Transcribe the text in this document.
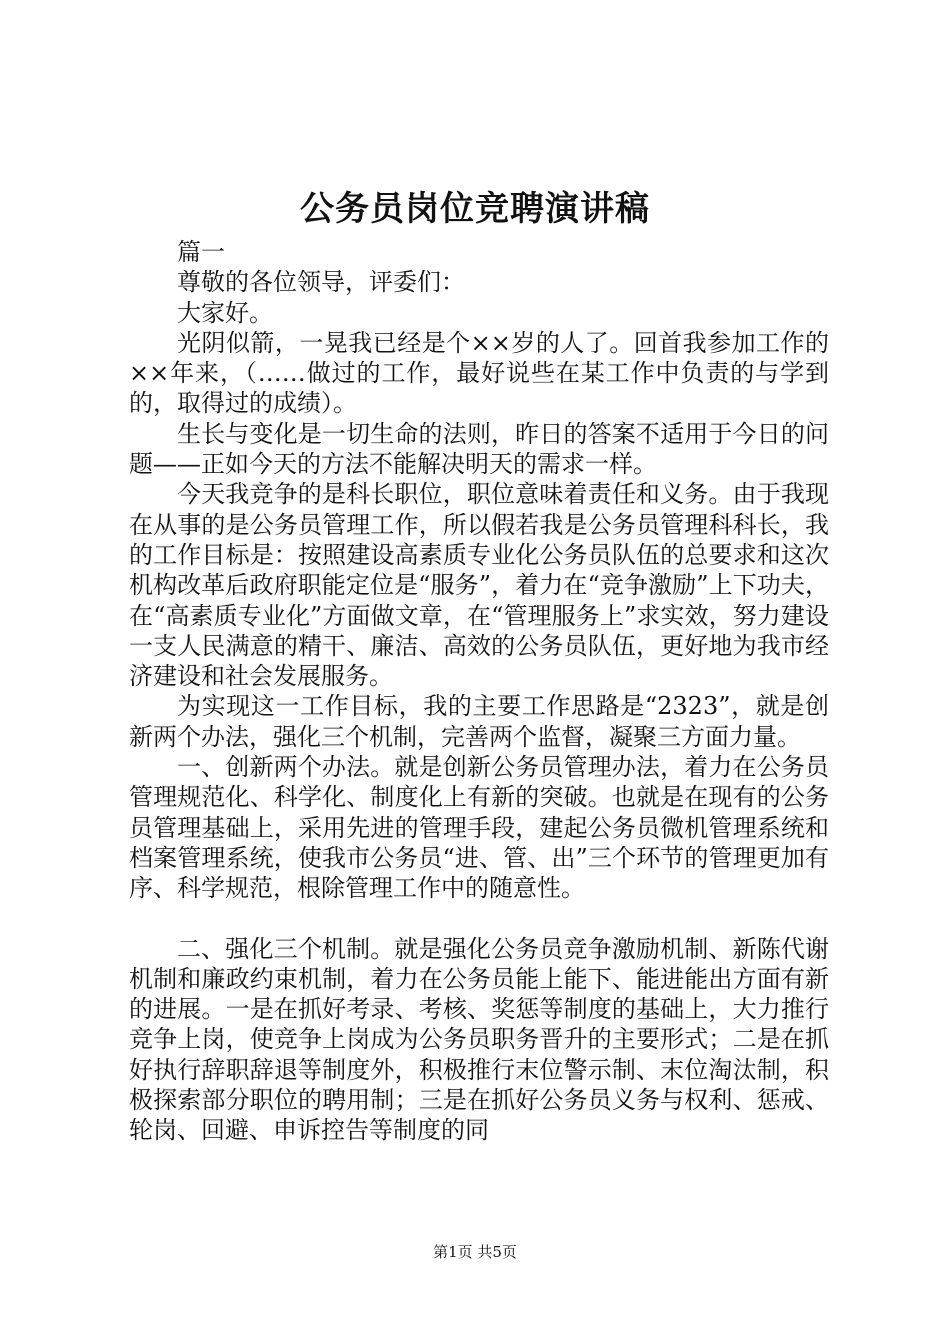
公务员岗位竞聘演讲稿

篇一

尊敬的各位领导，评委们：

大家好。

光阴似箭，一晃我已经是个××岁的人了。回首我参加工作的××年来，（……做过的工作，最好说些在某工作中负责的与学到的，取得过的成绩）。

生长与变化是一切生命的法则，昨日的答案不适用于今日的问题——正如今天的方法不能解决明天的需求一样。

今天我竞争的是科长职位，职位意味着责任和义务。由于我现在从事的是公务员管理工作，所以假若我是公务员管理科科长，我的工作目标是：按照建设高素质专业化公务员队伍的总要求和这次机构改革后政府职能定位是“服务”，着力在“竞争激励”上下功夫，在“高素质专业化”方面做文章，在“管理服务上”求实效，努力建设一支人民满意的精干、廉洁、高效的公务员队伍，更好地为我市经济建设和社会发展服务。

为实现这一工作目标，我的主要工作思路是“2323”，就是创新两个办法，强化三个机制，完善两个监督，凝聚三方面力量。

一、创新两个办法。就是创新公务员管理办法，着力在公务员管理规范化、科学化、制度化上有新的突破。也就是在现有的公务员管理基础上，采用先进的管理手段，建起公务员微机管理系统和档案管理系统，使我市公务员“进、管、出”三个环节的管理更加有序、科学规范，根除管理工作中的随意性。

二、强化三个机制。就是强化公务员竞争激励机制、新陈代谢机制和廉政约束机制，着力在公务员能上能下、能进能出方面有新的进展。一是在抓好考录、考核、奖惩等制度的基础上，大力推行竞争上岗，使竞争上岗成为公务员职务晋升的主要形式；二是在抓好执行辞职辞退等制度外，积极推行末位警示制、末位淘汰制，积极探索部分职位的聘用制；三是在抓好公务员义务与权利、惩戒、轮岗、回避、申诉控告等制度的同

第1页 共5页
